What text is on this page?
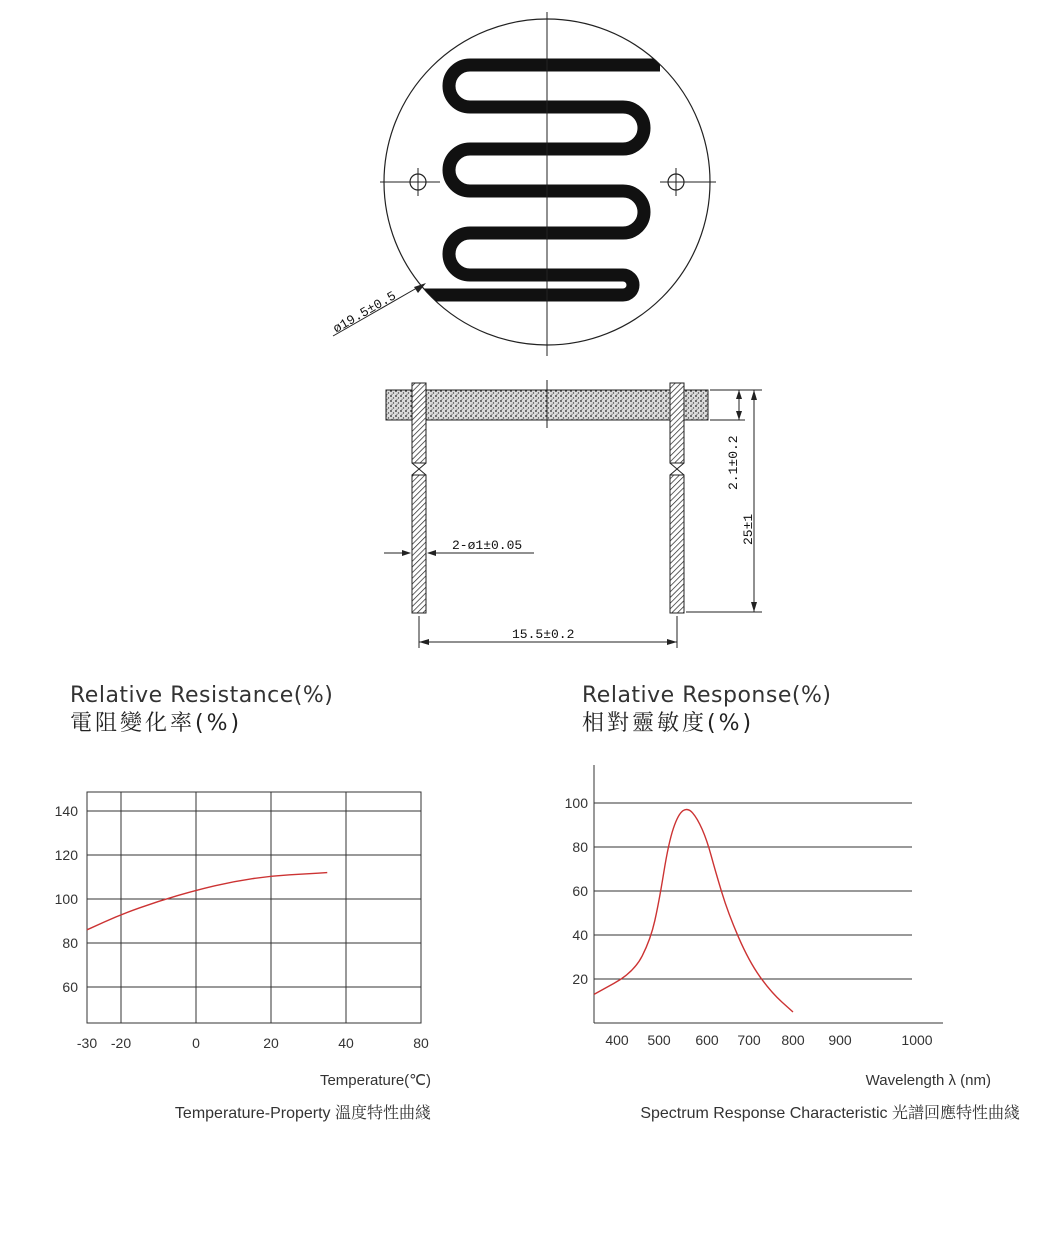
ø19.5±0.5
2-ø1±0.05
15.5±0.2
2.1±0.2
25±1
Relative Resistance(%)
電阻變化率(%)
-30 -20	0	20	40	80
60
80
100
120
140
Temperature(℃)
Temperature-Property 溫度特性曲綫
Relative Response(%)
相對靈敏度(%)
20
40
60
80
100
400 500 600 700 800 900	1000
Wavelength λ (nm)
Spectrum Response Characteristic 光譜回應特性曲綫
